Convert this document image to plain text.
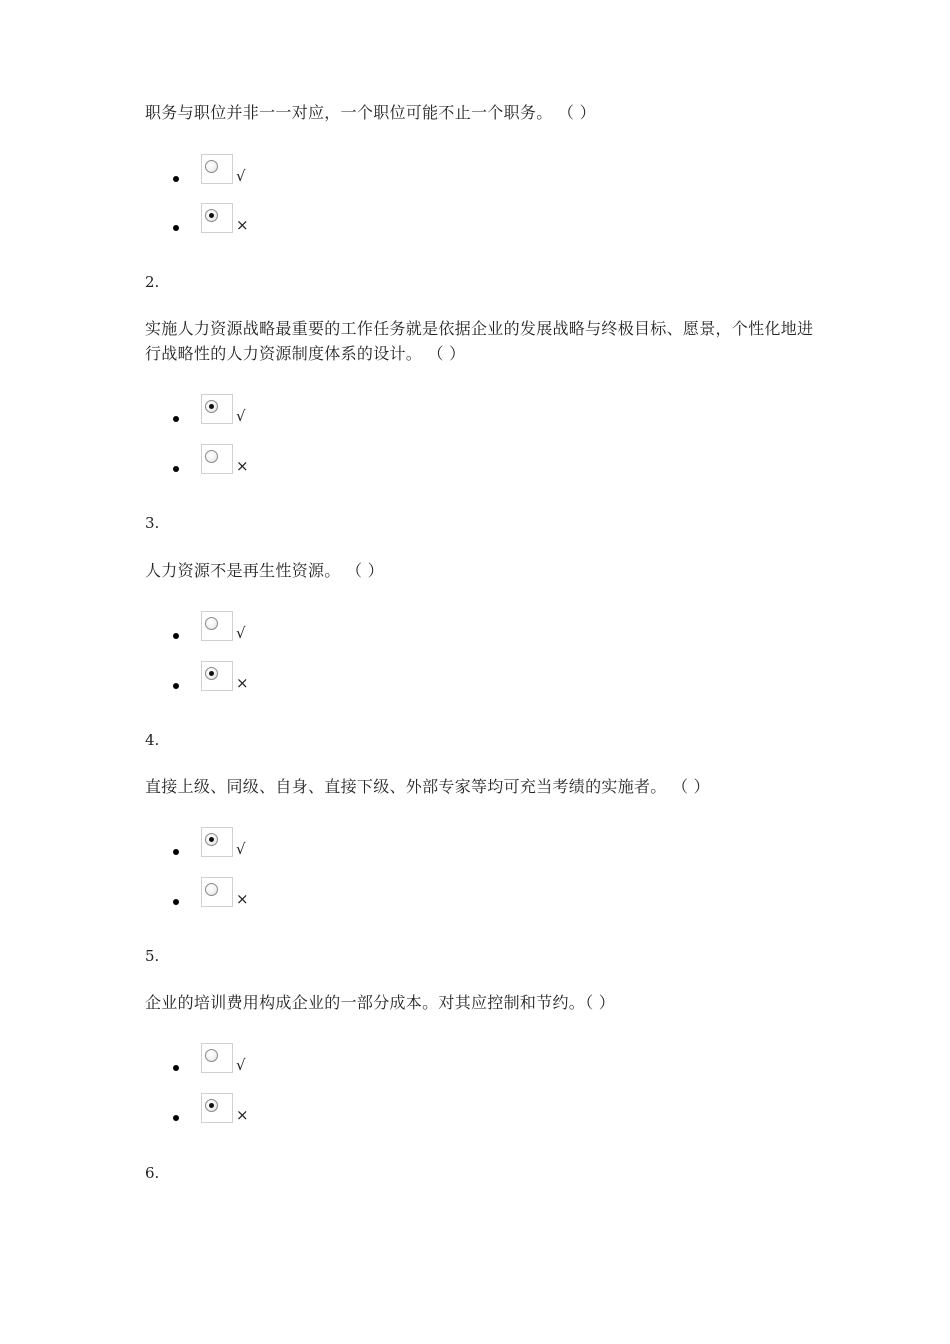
职务与职位并非一一对应，一个职位可能不止一个职务。 （ ）
√
×
2.
实施人力资源战略最重要的工作任务就是依据企业的发展战略与终极目标、愿景，个性化地进行战略性的人力资源制度体系的设计。 （ ）
√
×
3.
人力资源不是再生性资源。 （ ）
√
×
4.
直接上级、同级、自身、直接下级、外部专家等均可充当考绩的实施者。 （ ）
√
×
5.
企业的培训费用构成企业的一部分成本。对其应控制和节约。（ ）
√
×
6.
